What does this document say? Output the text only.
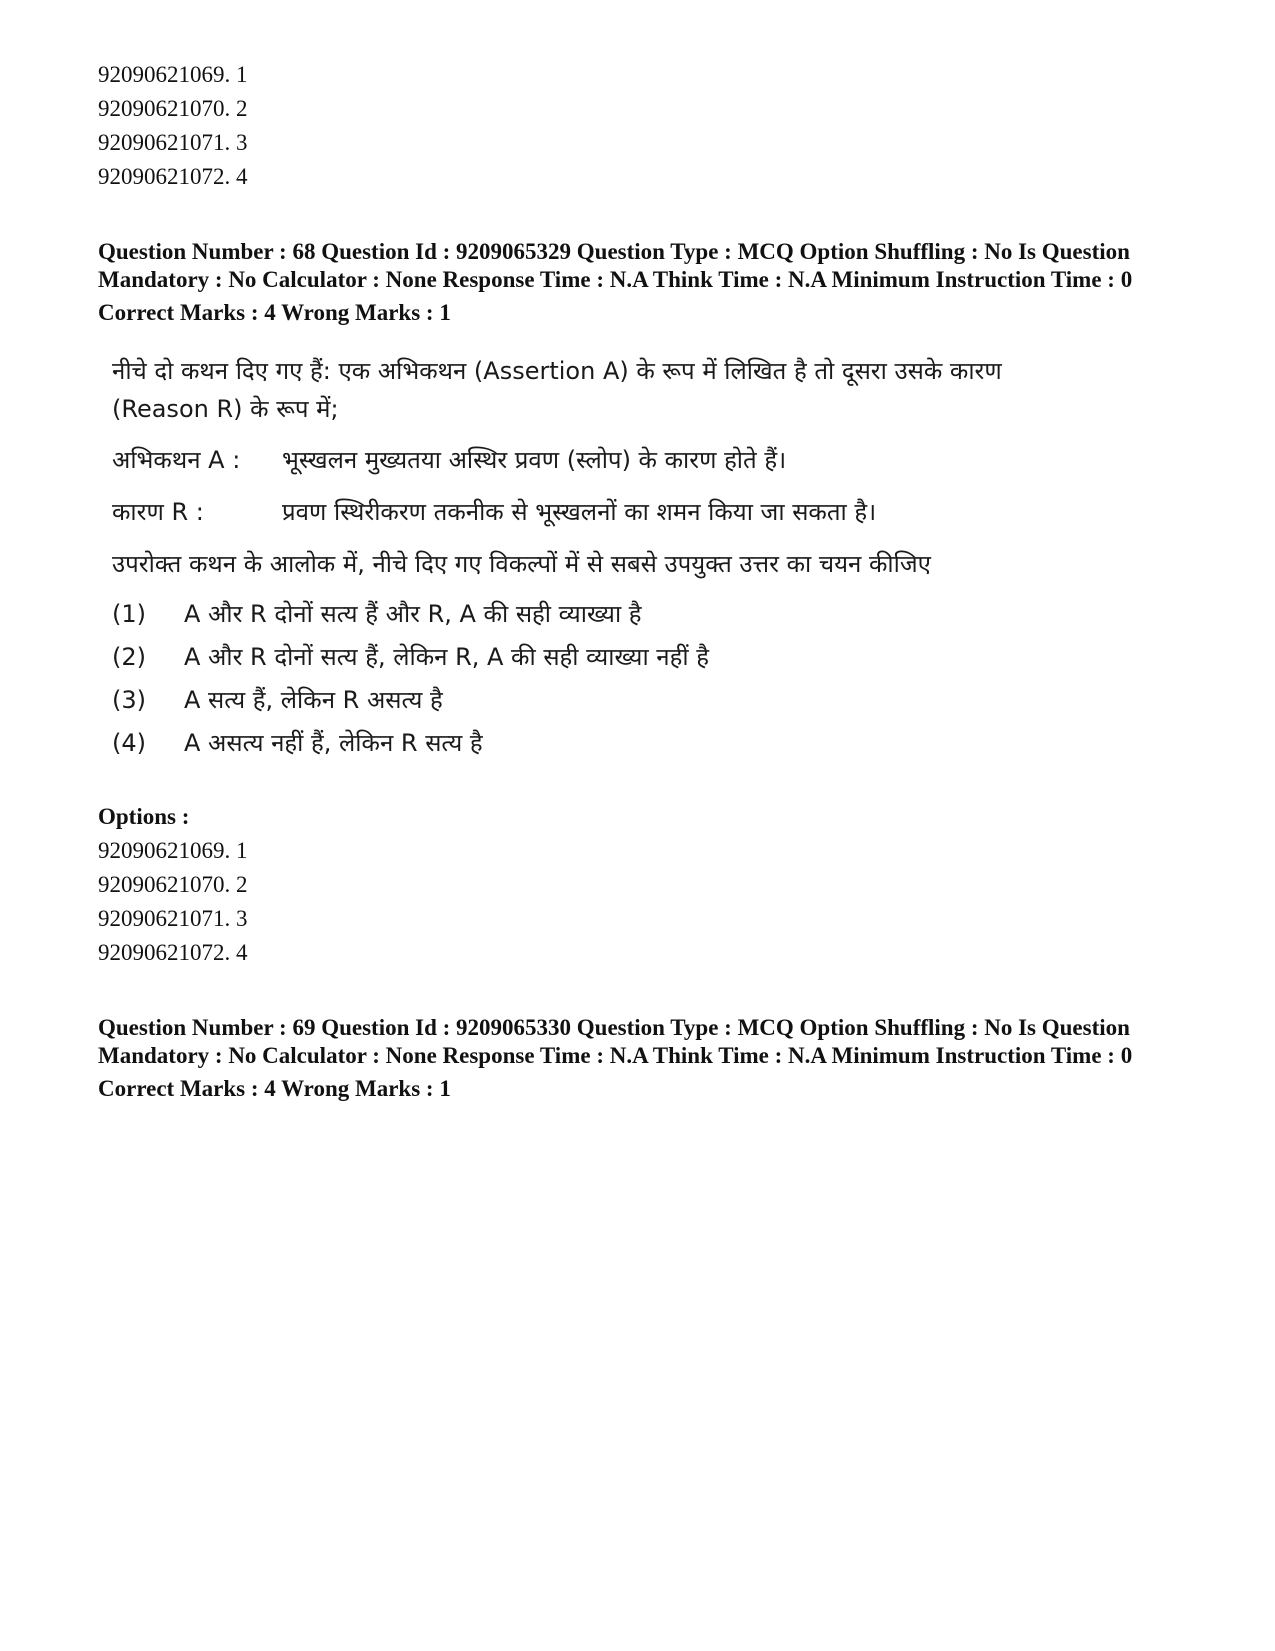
92090621069. 1
92090621070. 2
92090621071. 3
92090621072. 4
Question Number : 68 Question Id : 9209065329 Question Type : MCQ Option Shuffling : No Is Question Mandatory : No Calculator : None Response Time : N.A Think Time : N.A Minimum Instruction Time : 0
Correct Marks : 4 Wrong Marks : 1
नीचे दो कथन दिए गए हैं: एक अभिकथन (Assertion A) के रूप में लिखित है तो दूसरा उसके कारण (Reason R) के रूप में;
अभिकथन A :	भूस्खलन मुख्यतया अस्थिर प्रवण (स्लोप) के कारण होते हैं।
कारण R :	प्रवण स्थिरीकरण तकनीक से भूस्खलनों का शमन किया जा सकता है।
उपरोक्त कथन के आलोक में, नीचे दिए गए विकल्पों में से सबसे उपयुक्त उत्तर का चयन कीजिए
(1)	A और R दोनों सत्य हैं और R, A की सही व्याख्या है
(2)	A और R दोनों सत्य हैं, लेकिन R, A की सही व्याख्या नहीं है
(3)	A सत्य हैं, लेकिन R असत्य है
(4)	A असत्य नहीं हैं, लेकिन R सत्य है
Options :
92090621069. 1
92090621070. 2
92090621071. 3
92090621072. 4
Question Number : 69 Question Id : 9209065330 Question Type : MCQ Option Shuffling : No Is Question Mandatory : No Calculator : None Response Time : N.A Think Time : N.A Minimum Instruction Time : 0
Correct Marks : 4 Wrong Marks : 1
